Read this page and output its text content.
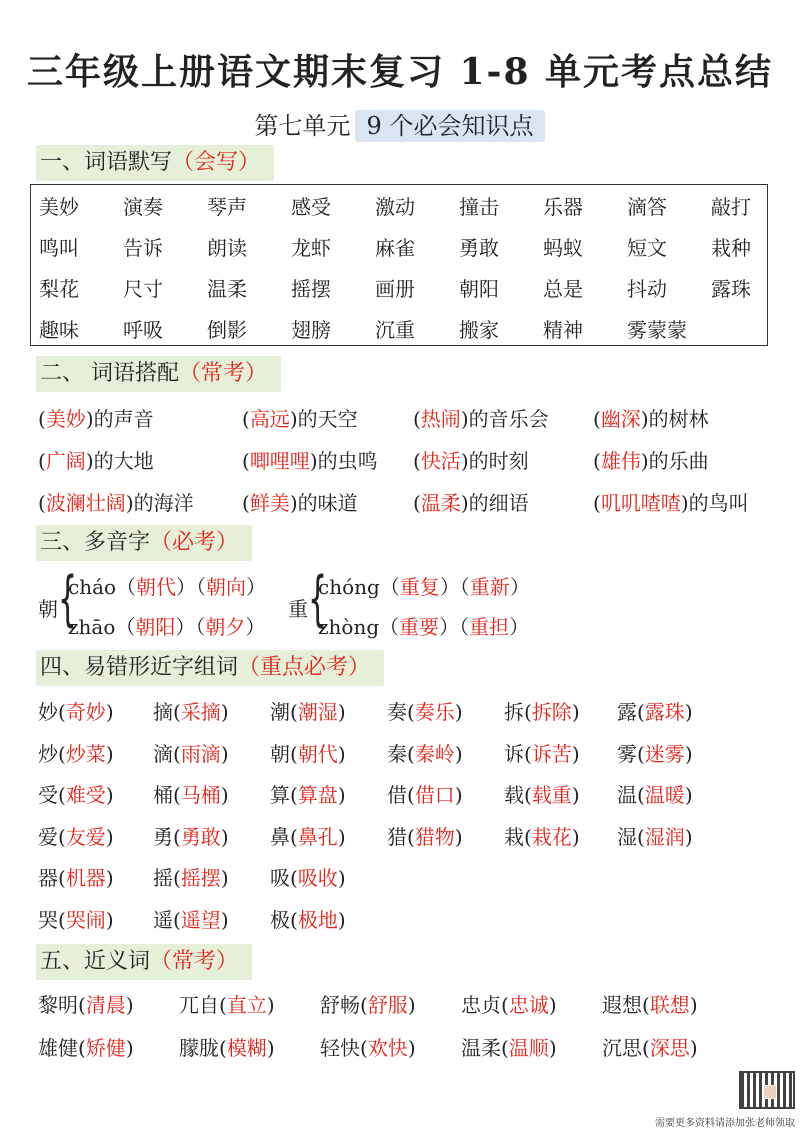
三年级上册语文期末复习 1-8 单元考点总结
第七单元 9 个必会知识点
一、词语默写（会写）
美妙	演奏	琴声	感受	激动	撞击	乐器	滴答	敲打
鸣叫	告诉	朗读	龙虾	麻雀	勇敢	蚂蚁	短文	栽种
梨花	尺寸	温柔	摇摆	画册	朝阳	总是	抖动	露珠
趣味	呼吸	倒影	翅膀	沉重	搬家	精神	雾蒙蒙
二、 词语搭配（常考）
(美妙)的声音	(高远)的天空	(热闹)的音乐会	(幽深)的树林
(广阔)的大地	(唧哩哩)的虫鸣	(快活)的时刻	(雄伟)的乐曲
(波澜壮阔)的海洋	(鲜美)的味道	(温柔)的细语	(叽叽喳喳)的鸟叫
三、多音字（必考）
朝 {
cháo（朝代）（朝向）
zhāo（朝阳）（朝夕）
重 {
chóng（重复）（重新）
zhòng（重要）（重担）
四、易错形近字组词（重点必考）
妙(奇妙)	摘(采摘)	潮(潮湿)	奏(奏乐)	拆(拆除)	露(露珠)
炒(炒菜)	滴(雨滴)	朝(朝代)	秦(秦岭)	诉(诉苦)	雾(迷雾)
受(难受)	桶(马桶)	算(算盘)	借(借口)	载(载重)	温(温暖)
爱(友爱)	勇(勇敢)	鼻(鼻孔)	猎(猎物)	栽(栽花)	湿(湿润)
器(机器)	摇(摇摆)	吸(吸收)
哭(哭闹)	遥(遥望)	极(极地)
五、近义词（常考）
黎明(清晨)	兀自(直立)	舒畅(舒服)	忠贞(忠诚)	遐想(联想)
雄健(矫健)	朦胧(模糊)	轻快(欢快)	温柔(温顺)	沉思(深思)
需要更多资料请添加张老师领取
